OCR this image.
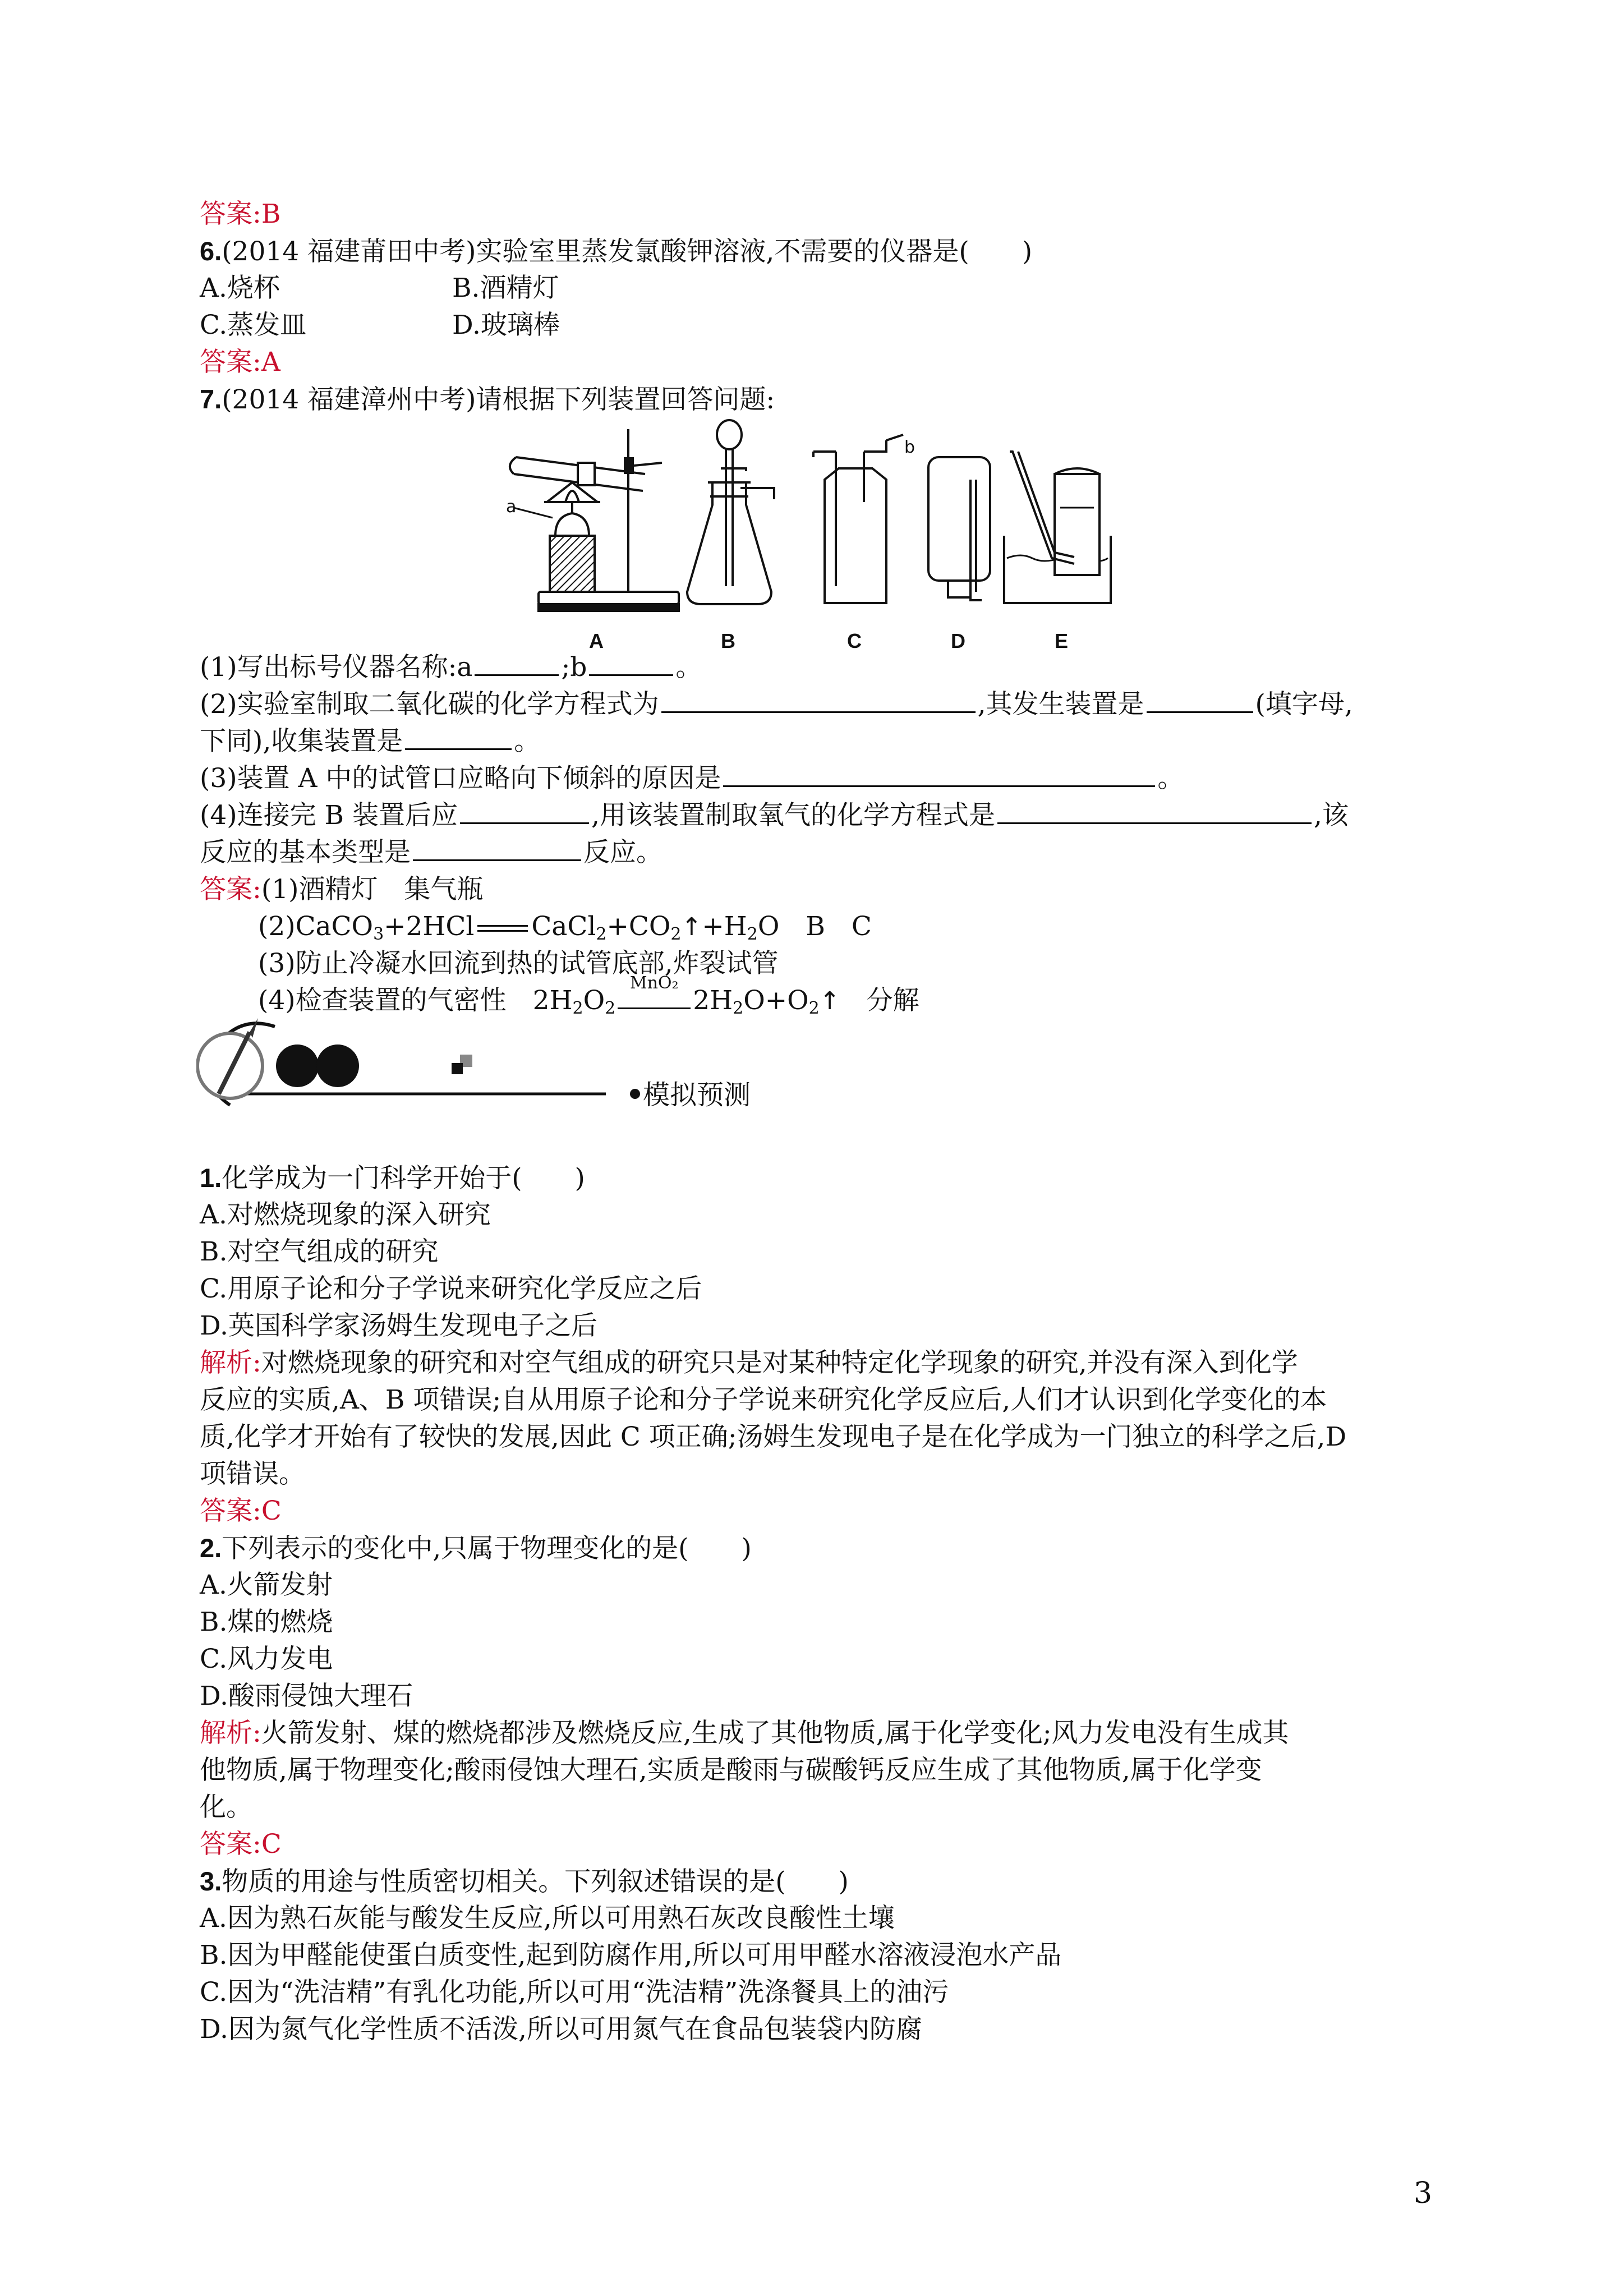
答案:B
6.(2014 福建莆田中考)实验室里蒸发氯酸钾溶液,不需要的仪器是(　　)
A.烧杯	B.酒精灯
C.蒸发皿	D.玻璃棒
答案:A
7.(2014 福建漳州中考)请根据下列装置回答问题:
a
b
A	B	C	D	E
(1)写出标号仪器名称:a	;b	。
(2)实验室制取二氧化碳的化学方程式为	,其发生装置是	(填字母,
下同),收集装置是	。
(3)装置 A 中的试管口应略向下倾斜的原因是	。
(4)连接完 B 装置后应	,用该装置制取氧气的化学方程式是	,该
反应的基本类型是	反应。
答案:(1)酒精灯　集气瓶
(2)CaCO$_3$+2HCl $CaCl_2+CO_2↑+H_2O$　B　C
(3)防止冷凝水回流到热的试管底部,炸裂试管
(4)检查装置的气密性　$2H_2O_2$
MnO₂
$2H_2O+O_2↑$　分解
模拟预测
1.化学成为一门科学开始于(　　)
A.对燃烧现象的深入研究
B.对空气组成的研究
C.用原子论和分子学说来研究化学反应之后
D.英国科学家汤姆生发现电子之后
解析:对燃烧现象的研究和对空气组成的研究只是对某种特定化学现象的研究,并没有深入到化学
反应的实质,A、B 项错误;自从用原子论和分子学说来研究化学反应后,人们才认识到化学变化的本
质,化学才开始有了较快的发展,因此 C 项正确;汤姆生发现电子是在化学成为一门独立的科学之后,D
项错误。
答案:C
2.下列表示的变化中,只属于物理变化的是(　　)
A.火箭发射
B.煤的燃烧
C.风力发电
D.酸雨侵蚀大理石
解析:火箭发射、煤的燃烧都涉及燃烧反应,生成了其他物质,属于化学变化;风力发电没有生成其
他物质,属于物理变化;酸雨侵蚀大理石,实质是酸雨与碳酸钙反应生成了其他物质,属于化学变
化。
答案:C
3.物质的用途与性质密切相关。下列叙述错误的是(　　)
A.因为熟石灰能与酸发生反应,所以可用熟石灰改良酸性土壤
B.因为甲醛能使蛋白质变性,起到防腐作用,所以可用甲醛水溶液浸泡水产品
C.因为“洗洁精”有乳化功能,所以可用“洗洁精”洗涤餐具上的油污
D.因为氮气化学性质不活泼,所以可用氮气在食品包装袋内防腐
3
